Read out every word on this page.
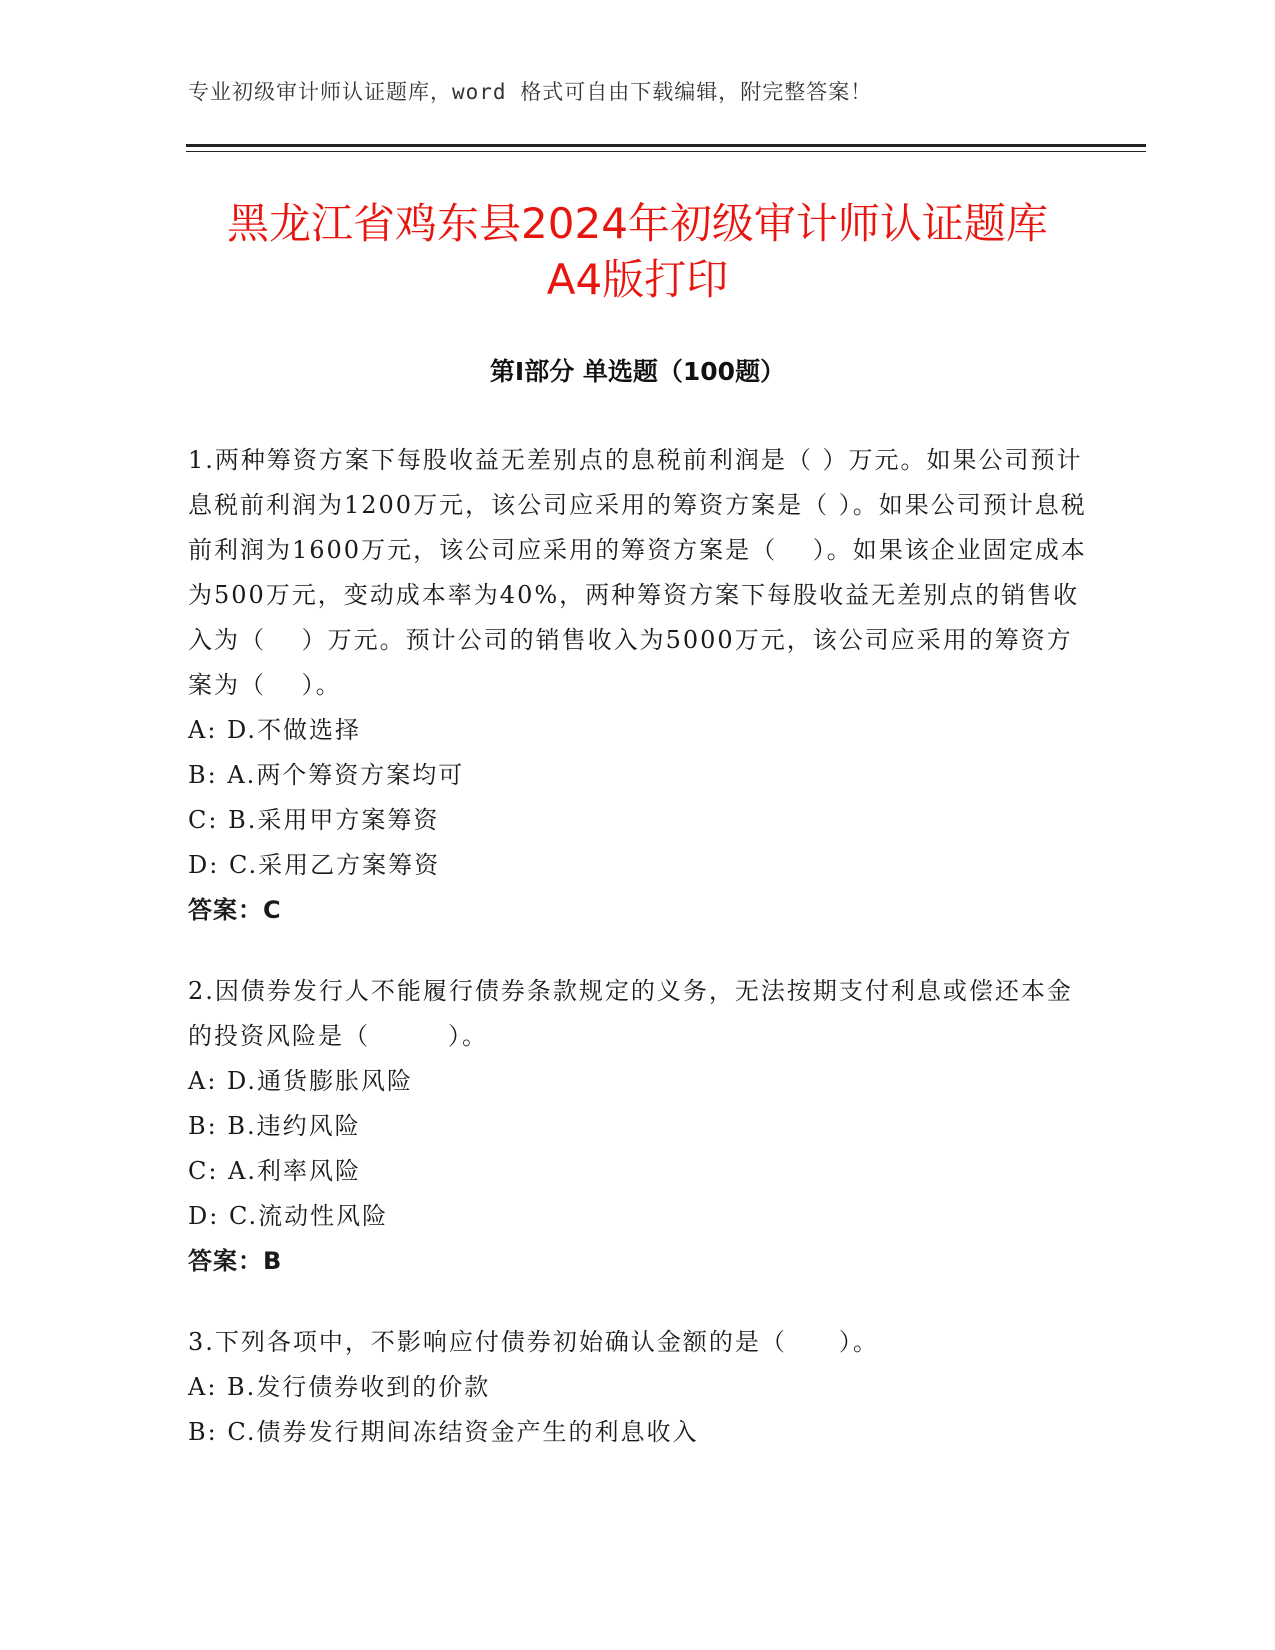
专业初级审计师认证题库，word 格式可自由下载编辑，附完整答案！
黑龙江省鸡东县2024年初级审计师认证题库
A4版打印
第Ⅰ部分 单选题（100题）

1.两种筹资方案下每股收益无差别点的息税前利润是（ ）万元。如果公司预计息税前利润为1200万元，该公司应采用的筹资方案是（ ）。如果公司预计息税前利润为1600万元，该公司应采用的筹资方案是（　 ）。如果该企业固定成本为500万元，变动成本率为40%，两种筹资方案下每股收益无差别点的销售收入为（　 ）万元。预计公司的销售收入为5000万元，该公司应采用的筹资方案为（　 ）。

A: D.不做选择

B: A.两个筹资方案均可

C: B.采用甲方案筹资

D: C.采用乙方案筹资

答案：C

2.因债券发行人不能履行债券条款规定的义务，无法按期支付利息或偿还本金的投资风险是（　　　）。

A: D.通货膨胀风险

B: B.违约风险

C: A.利率风险

D: C.流动性风险

答案：B

3.下列各项中，不影响应付债券初始确认金额的是（　　）。

A: B.发行债券收到的价款

B: C.债券发行期间冻结资金产生的利息收入
